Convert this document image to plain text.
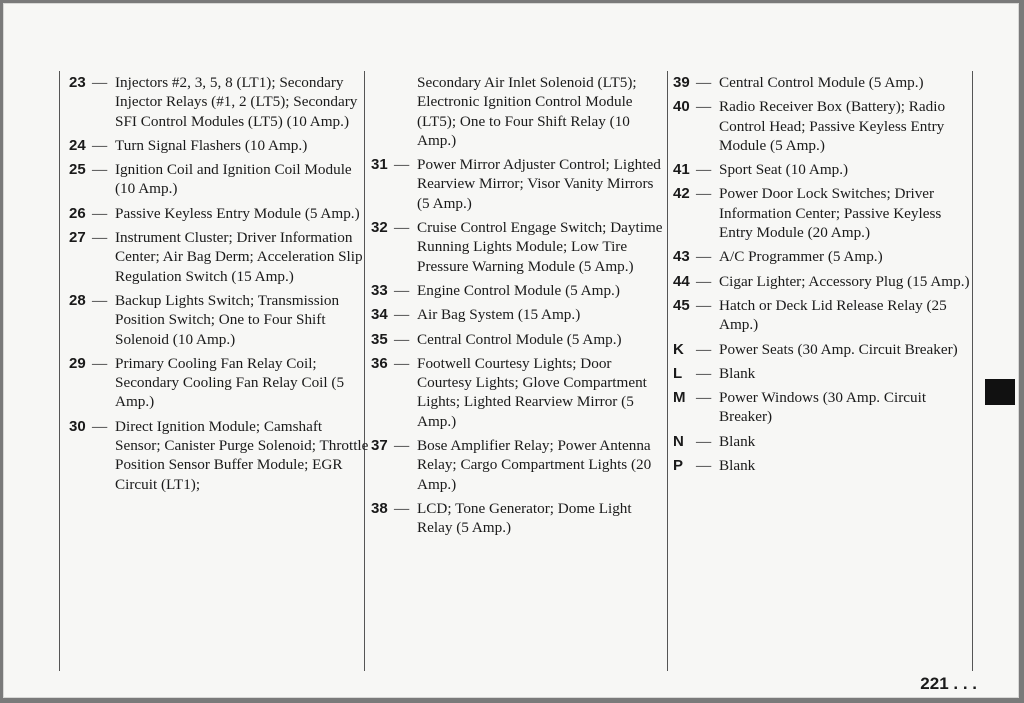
23 — Injectors #2, 3, 5, 8 (LT1); Secondary Injector Relays (#1, 2 (LT5); Secondary SFI Control Modules (LT5) (10 Amp.)
24 — Turn Signal Flashers (10 Amp.)
25 — Ignition Coil and Ignition Coil Module (10 Amp.)
26 — Passive Keyless Entry Module (5 Amp.)
27 — Instrument Cluster; Driver Information Center; Air Bag Derm; Acceleration Slip Regulation Switch (15 Amp.)
28 — Backup Lights Switch; Transmission Position Switch; One to Four Shift Solenoid (10 Amp.)
29 — Primary Cooling Fan Relay Coil; Secondary Cooling Fan Relay Coil (5 Amp.)
30 — Direct Ignition Module; Camshaft Sensor; Canister Purge Solenoid; Throttle Position Sensor Buffer Module; EGR Circuit (LT1);
Secondary Air Inlet Solenoid (LT5); Electronic Ignition Control Module (LT5); One to Four Shift Relay (10 Amp.)
31 — Power Mirror Adjuster Control; Lighted Rearview Mirror; Visor Vanity Mirrors (5 Amp.)
32 — Cruise Control Engage Switch; Daytime Running Lights Module; Low Tire Pressure Warning Module (5 Amp.)
33 — Engine Control Module (5 Amp.)
34 — Air Bag System (15 Amp.)
35 — Central Control Module (5 Amp.)
36 — Footwell Courtesy Lights; Door Courtesy Lights; Glove Compartment Lights; Lighted Rearview Mirror (5 Amp.)
37 — Bose Amplifier Relay; Power Antenna Relay; Cargo Compartment Lights (20 Amp.)
38 — LCD; Tone Generator; Dome Light Relay (5 Amp.)
39 — Central Control Module (5 Amp.)
40 — Radio Receiver Box (Battery); Radio Control Head; Passive Keyless Entry Module (5 Amp.)
41 — Sport Seat (10 Amp.)
42 — Power Door Lock Switches; Driver Information Center; Passive Keyless Entry Module (20 Amp.)
43 — A/C Programmer (5 Amp.)
44 — Cigar Lighter; Accessory Plug (15 Amp.)
45 — Hatch or Deck Lid Release Relay (25 Amp.)
K — Power Seats (30 Amp. Circuit Breaker)
L — Blank
M — Power Windows (30 Amp. Circuit Breaker)
N — Blank
P — Blank
221 . . .
